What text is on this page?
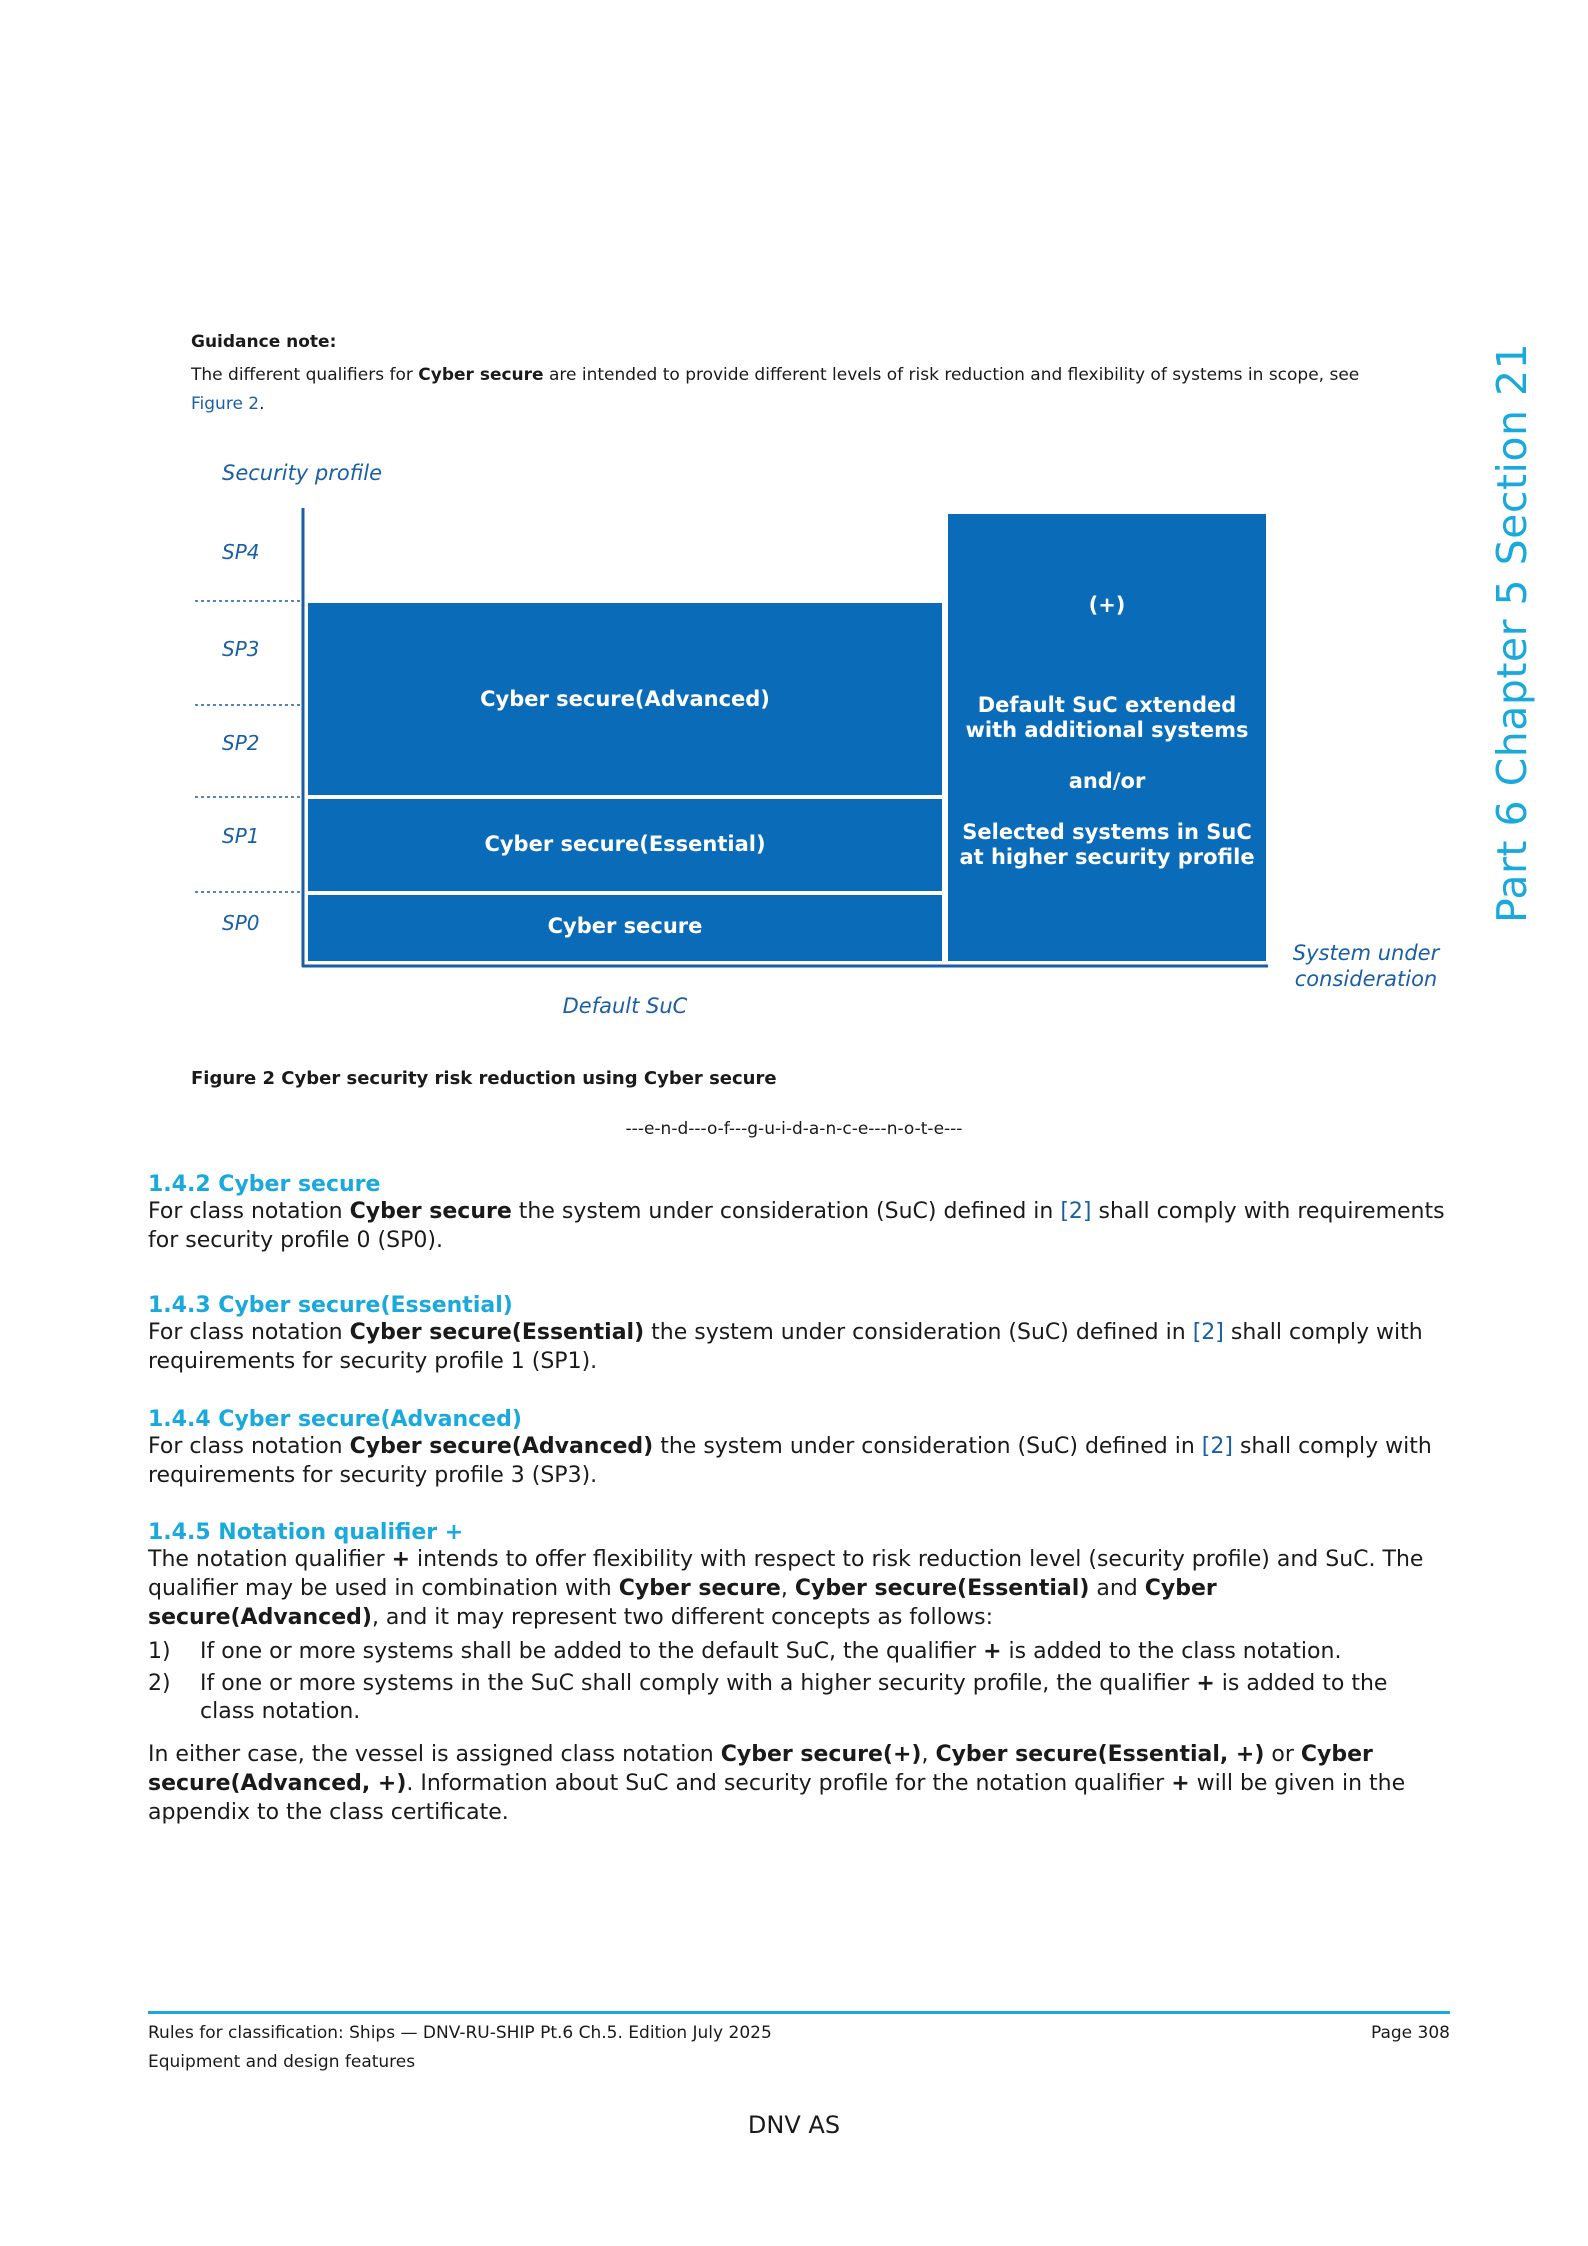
Part 6 Chapter 5 Section 21
Guidance note:
The different qualifiers for Cyber secure are intended to provide different levels of risk reduction and flexibility of systems in scope, see Figure 2.
Security profile
SP4
SP3
SP2
SP1
SP0
Cyber secure(Advanced)
Cyber secure(Essential)
Cyber secure
(+)
Default SuC extended
with additional systems
and/or
Selected systems in SuC
at higher security profile
Default SuC
System under
consideration
Figure 2 Cyber security risk reduction using Cyber secure
---e-n-d---o-f---g-u-i-d-a-n-c-e---n-o-t-e---
1.4.2 Cyber secure

For class notation Cyber secure the system under consideration (SuC) defined in [2] shall comply with requirements for security profile 0 (SP0).

1.4.3 Cyber secure(Essential)

For class notation Cyber secure(Essential) the system under consideration (SuC) defined in [2] shall comply with requirements for security profile 1 (SP1).

1.4.4 Cyber secure(Advanced)

For class notation Cyber secure(Advanced) the system under consideration (SuC) defined in [2] shall comply with requirements for security profile 3 (SP3).

1.4.5 Notation qualifier +

The notation qualifier + intends to offer flexibility with respect to risk reduction level (security profile) and SuC. The qualifier may be used in combination with Cyber secure, Cyber secure(Essential) and Cyber secure(Advanced), and it may represent two different concepts as follows:

1)	If one or more systems shall be added to the default SuC, the qualifier + is added to the class notation.
2)	If one or more systems in the SuC shall comply with a higher security profile, the qualifier + is added to the class notation.

In either case, the vessel is assigned class notation Cyber secure(+), Cyber secure(Essential, +) or Cyber secure(Advanced, +). Information about SuC and security profile for the notation qualifier + will be given in the appendix to the class certificate.

Rules for classification: Ships — DNV-RU-SHIP Pt.6 Ch.5. Edition July 2025
Equipment and design features
Page 308
DNV AS
